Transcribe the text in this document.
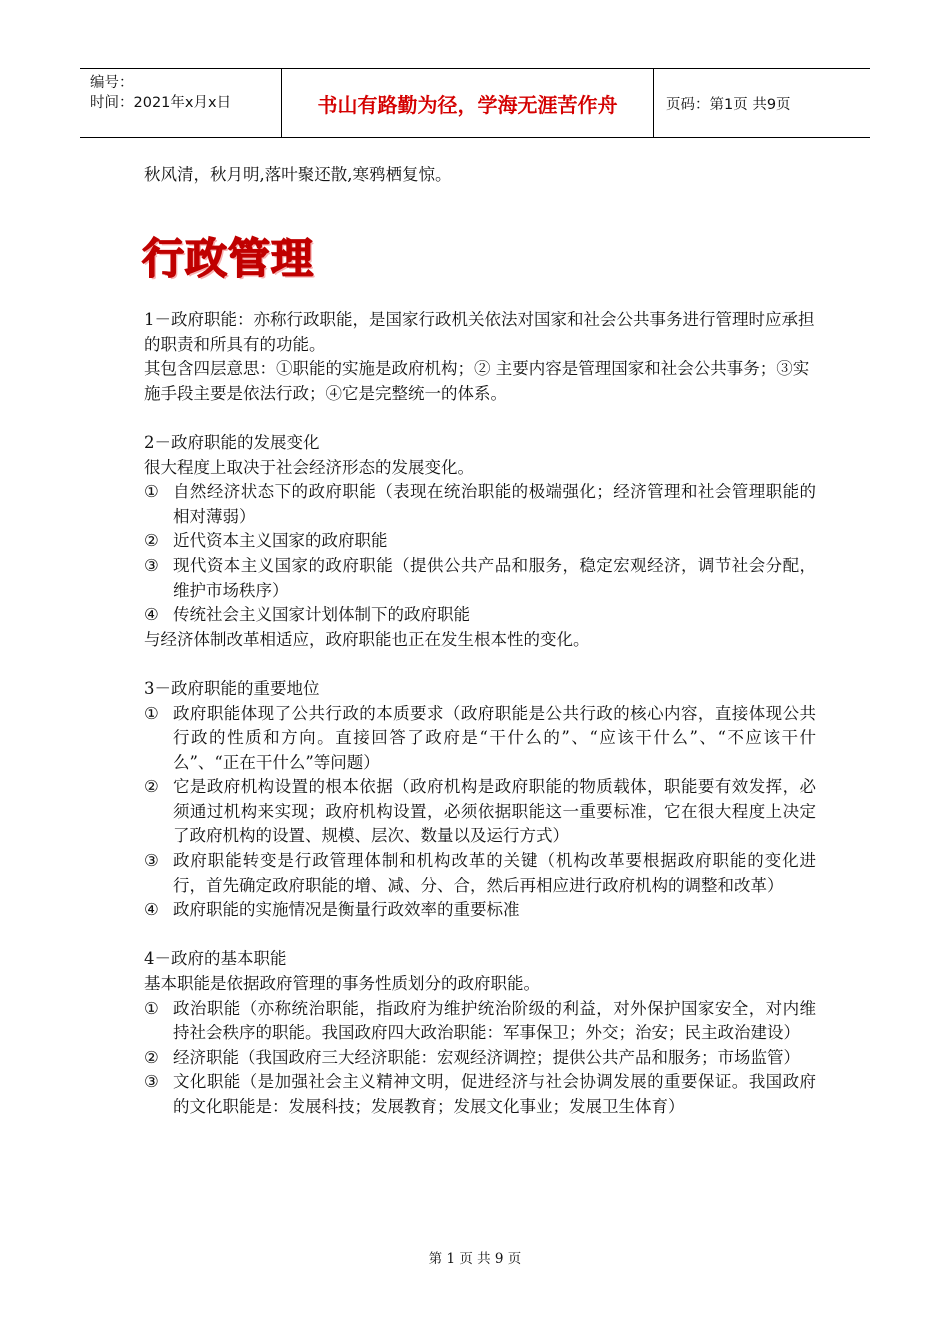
编号：
时间：2021年x月x日	书山有路勤为径，学海无涯苦作舟	页码：第1页 共9页
秋风清，秋月明,落叶聚还散,寒鸦栖复惊。
行政管理

1－政府职能：亦称行政职能，是国家行政机关依法对国家和社会公共事务进行管理时应承担的职责和所具有的功能。

其包含四层意思：①职能的实施是政府机构；② 主要内容是管理国家和社会公共事务；③实施手段主要是依法行政；④它是完整统一的体系。

2－政府职能的发展变化

很大程度上取决于社会经济形态的发展变化。

① 自然经济状态下的政府职能（表现在统治职能的极端强化；经济管理和社会管理职能的相对薄弱）
② 近代资本主义国家的政府职能
③ 现代资本主义国家的政府职能（提供公共产品和服务，稳定宏观经济，调节社会分配，维护市场秩序）
④ 传统社会主义国家计划体制下的政府职能

与经济体制改革相适应，政府职能也正在发生根本性的变化。

3－政府职能的重要地位

① 政府职能体现了公共行政的本质要求（政府职能是公共行政的核心内容，直接体现公共行政的性质和方向。直接回答了政府是“干什么的”、“应该干什么”、“不应该干什么”、“正在干什么”等问题）
② 它是政府机构设置的根本依据（政府机构是政府职能的物质载体，职能要有效发挥，必须通过机构来实现；政府机构设置，必须依据职能这一重要标准，它在很大程度上决定了政府机构的设置、规模、层次、数量以及运行方式）
③ 政府职能转变是行政管理体制和机构改革的关键（机构改革要根据政府职能的变化进行，首先确定政府职能的增、减、分、合，然后再相应进行政府机构的调整和改革）
④ 政府职能的实施情况是衡量行政效率的重要标准

4－政府的基本职能

基本职能是依据政府管理的事务性质划分的政府职能。

① 政治职能（亦称统治职能，指政府为维护统治阶级的利益，对外保护国家安全，对内维持社会秩序的职能。我国政府四大政治职能：军事保卫；外交；治安；民主政治建设）
② 经济职能（我国政府三大经济职能：宏观经济调控；提供公共产品和服务；市场监管）
③ 文化职能（是加强社会主义精神文明，促进经济与社会协调发展的重要保证。我国政府的文化职能是：发展科技；发展教育；发展文化事业；发展卫生体育）
第 1 页 共 9 页
